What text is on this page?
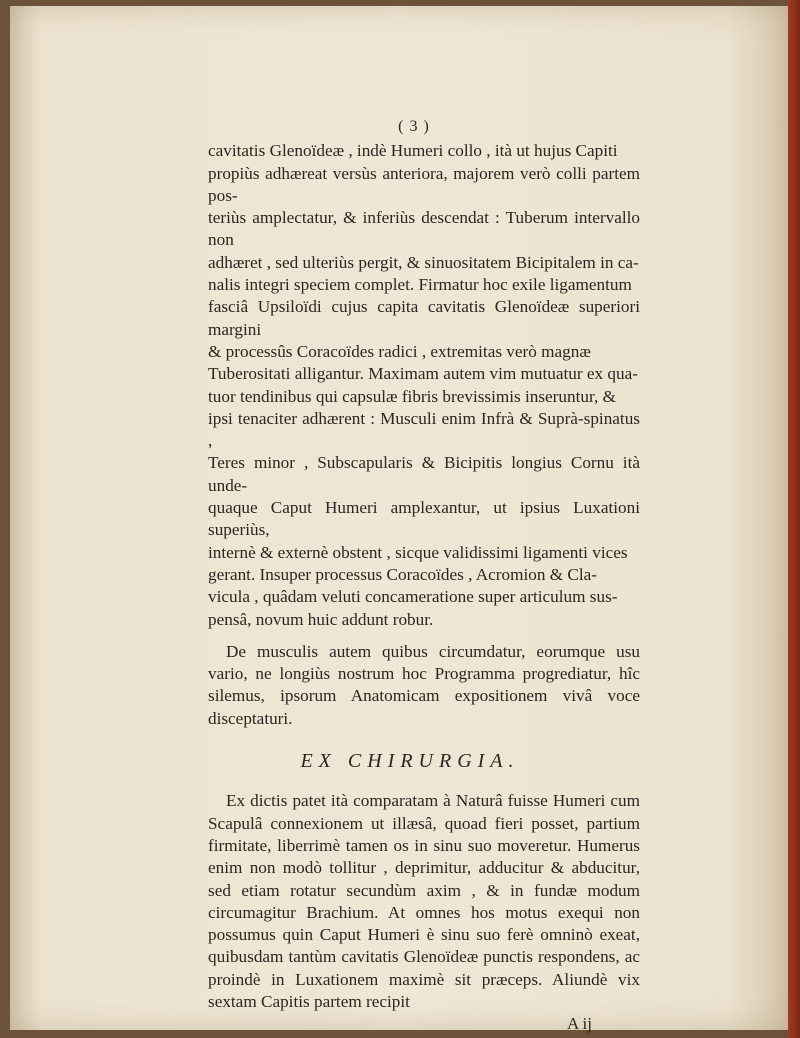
( 3 )

cavitatis Glenoïdeæ , indè Humeri collo , ità ut hujus Capiti

propiùs adhæreat versùs anteriora, majorem verò colli partem pos-

teriùs amplectatur, & inferiùs descendat : Tuberum intervallo non

adhæret , sed ulteriùs pergit, & sinuositatem Bicipitalem in ca-

nalis integri speciem complet. Firmatur hoc exile ligamentum

fasciâ Upsiloïdi cujus capita cavitatis Glenoïdeæ superiori margini

& processûs Coracoïdes radici , extremitas verò magnæ

Tuberositati alligantur. Maximam autem vim mutuatur ex qua-

tuor tendinibus qui capsulæ fibris brevissimis inseruntur, &

ipsi tenaciter adhærent : Musculi enim Infrà & Suprà-spinatus ,

Teres minor , Subscapularis & Bicipitis longius Cornu ità unde-

quaque Caput Humeri amplexantur, ut ipsius Luxationi superiùs,

internè & externè obstent , sicque validissimi ligamenti vices

gerant. Insuper processus Coracoïdes , Acromion & Cla-

vicula , quâdam veluti concameratione super articulum sus-

pensâ, novum huic addunt robur.

De musculis autem quibus circumdatur, eorumque usu vario, ne longiùs nostrum hoc Programma progrediatur, hîc silemus, ipsorum Anatomicam expositionem vivâ voce disceptaturi.

EX CHIRURGIA.

Ex dictis patet ità comparatam à Naturâ fuisse Humeri cum Scapulâ connexionem ut illæsâ, quoad fieri posset, partium firmitate, liberrimè tamen os in sinu suo moveretur. Humerus enim non modò tollitur , deprimitur, adducitur & abducitur, sed etiam rotatur secundùm axim , & in fundæ modum circumagitur Brachium. At omnes hos motus exequi non possumus quin Caput Humeri è sinu suo ferè omninò exeat, quibusdam tantùm cavitatis Glenoïdeæ punctis respondens, ac proindè in Luxationem maximè sit præceps. Aliundè vix sextam Capitis partem recipit

A ij
